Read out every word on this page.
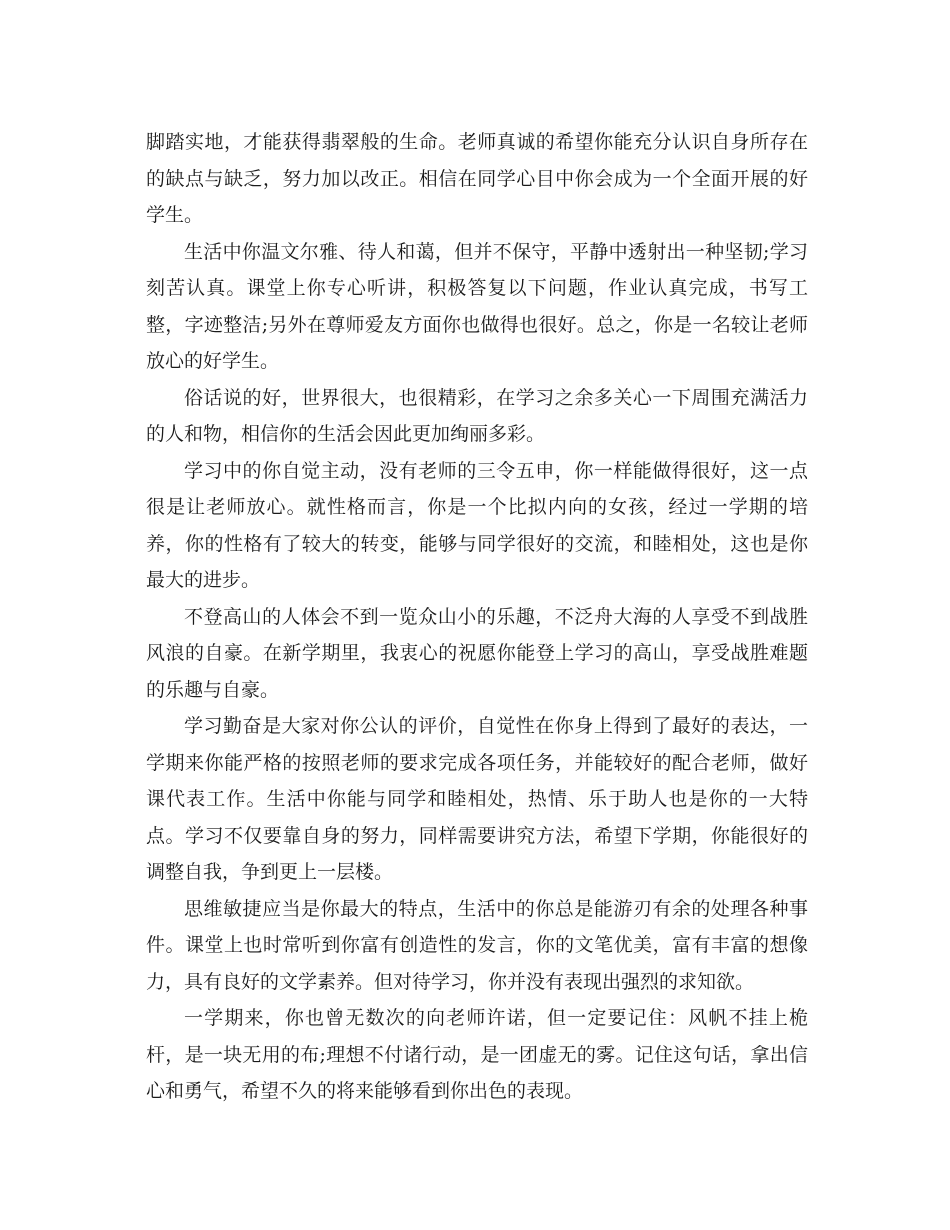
脚踏实地，才能获得翡翠般的生命。老师真诚的希望你能充分认识自身所存在的缺点与缺乏，努力加以改正。相信在同学心目中你会成为一个全面开展的好学生。

生活中你温文尔雅、待人和蔼，但并不保守，平静中透射出一种坚韧;学习刻苦认真。课堂上你专心听讲，积极答复以下问题，作业认真完成，书写工整，字迹整洁;另外在尊师爱友方面你也做得也很好。总之，你是一名较让老师放心的好学生。

俗话说的好，世界很大，也很精彩，在学习之余多关心一下周围充满活力的人和物，相信你的生活会因此更加绚丽多彩。

学习中的你自觉主动，没有老师的三令五申，你一样能做得很好，这一点很是让老师放心。就性格而言，你是一个比拟内向的女孩，经过一学期的培养，你的性格有了较大的转变，能够与同学很好的交流，和睦相处，这也是你最大的进步。

不登高山的人体会不到一览众山小的乐趣，不泛舟大海的人享受不到战胜风浪的自豪。在新学期里，我衷心的祝愿你能登上学习的高山，享受战胜难题的乐趣与自豪。

学习勤奋是大家对你公认的评价，自觉性在你身上得到了最好的表达，一学期来你能严格的按照老师的要求完成各项任务，并能较好的配合老师，做好课代表工作。生活中你能与同学和睦相处，热情、乐于助人也是你的一大特点。学习不仅要靠自身的努力，同样需要讲究方法，希望下学期，你能很好的调整自我，争到更上一层楼。

思维敏捷应当是你最大的特点，生活中的你总是能游刃有余的处理各种事件。课堂上也时常听到你富有创造性的发言，你的文笔优美，富有丰富的想像力，具有良好的文学素养。但对待学习，你并没有表现出强烈的求知欲。

一学期来，你也曾无数次的向老师许诺，但一定要记住：风帆不挂上桅杆，是一块无用的布;理想不付诸行动，是一团虚无的雾。记住这句话，拿出信心和勇气，希望不久的将来能够看到你出色的表现。
